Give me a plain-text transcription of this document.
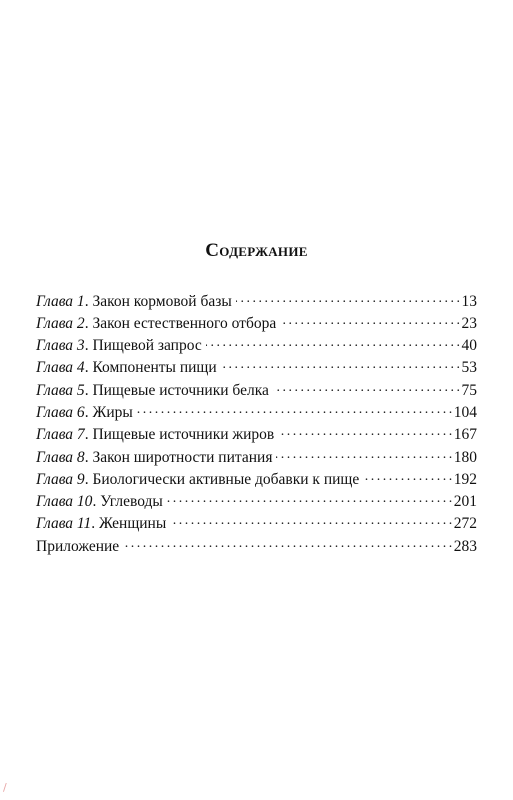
Содержание
Глава 1. Закон кормовой базы . . .	13
Глава 2. Закон естественного отбора . . .	23
Глава 3. Пищевой запрос . . .	40
Глава 4. Компоненты пищи . . .	53
Глава 5. Пищевые источники белка . . .	75
Глава 6. Жиры . . .	104
Глава 7. Пищевые источники жиров . . .	167
Глава 8. Закон широтности питания . . .	180
Глава 9. Биологически активные добавки к пище . . .	192
Глава 10. Углеводы . . .	201
Глава 11. Женщины . . .	272
Приложение . . .	283
/
